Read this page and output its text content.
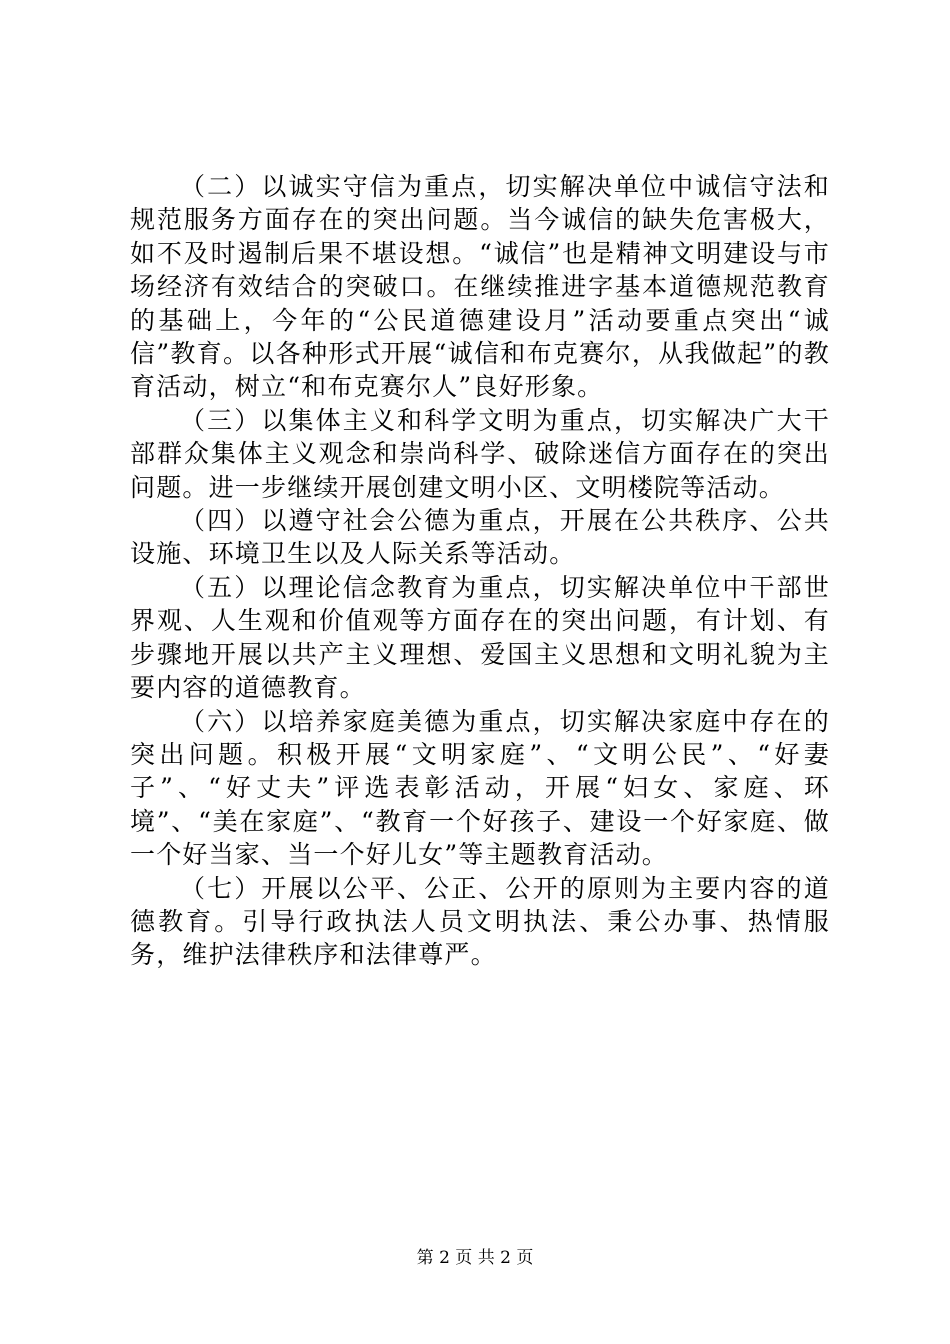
（二）以诚实守信为重点，切实解决单位中诚信守法和规范服务方面存在的突出问题。当今诚信的缺失危害极大，如不及时遏制后果不堪设想。“诚信”也是精神文明建设与市场经济有效结合的突破口。在继续推进字基本道德规范教育的基础上，今年的“公民道德建设月”活动要重点突出“诚信”教育。以各种形式开展“诚信和布克赛尔，从我做起”的教育活动，树立“和布克赛尔人”良好形象。

（三）以集体主义和科学文明为重点，切实解决广大干部群众集体主义观念和崇尚科学、破除迷信方面存在的突出问题。进一步继续开展创建文明小区、文明楼院等活动。

（四）以遵守社会公德为重点，开展在公共秩序、公共设施、环境卫生以及人际关系等活动。

（五）以理论信念教育为重点，切实解决单位中干部世界观、人生观和价值观等方面存在的突出问题，有计划、有步骤地开展以共产主义理想、爱国主义思想和文明礼貌为主要内容的道德教育。

（六）以培养家庭美德为重点，切实解决家庭中存在的突出问题。积极开展“文明家庭”、“文明公民”、“好妻子”、“好丈夫”评选表彰活动，开展“妇女、家庭、环境”、“美在家庭”、“教育一个好孩子、建设一个好家庭、做一个好当家、当一个好儿女”等主题教育活动。

（七）开展以公平、公正、公开的原则为主要内容的道德教育。引导行政执法人员文明执法、秉公办事、热情服务，维护法律秩序和法律尊严。

第 2 页 共 2 页
